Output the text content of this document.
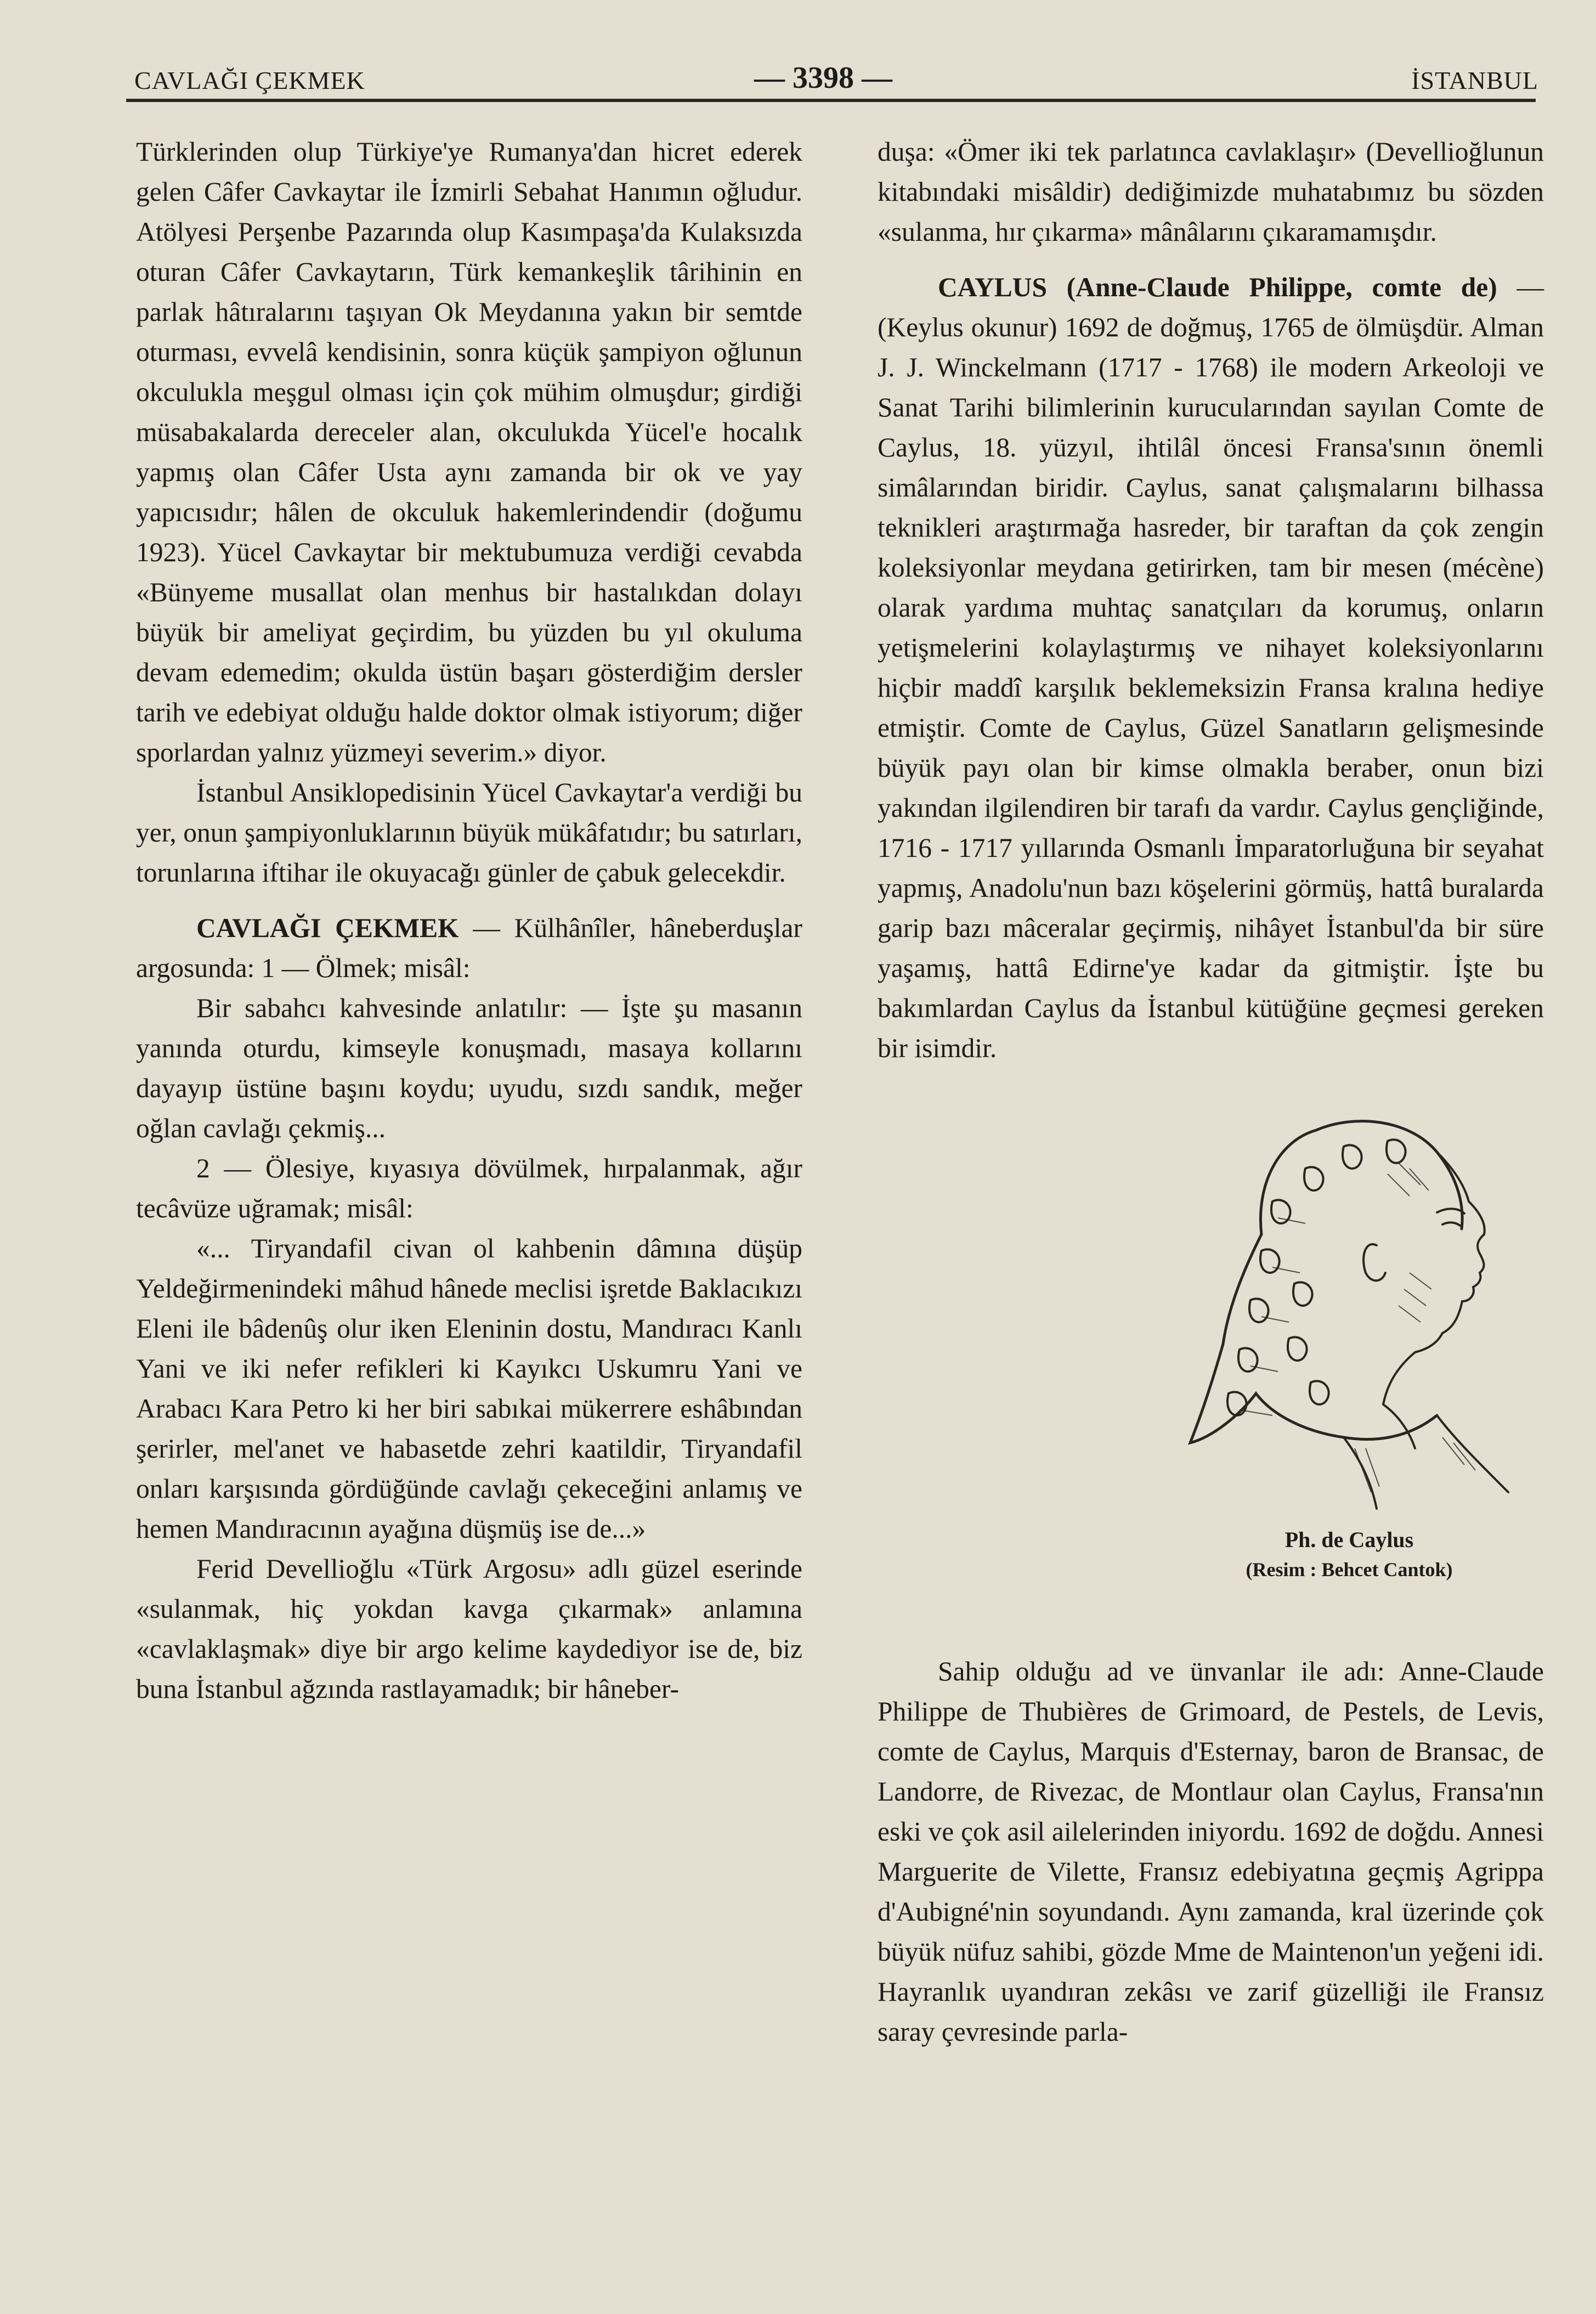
CAVLAĞI ÇEKMEK	— 3398 —	İSTANBUL

Türklerinden olup Türkiye'ye Rumanya'dan hicret ederek gelen Câfer Cavkaytar ile İzmirli Sebahat Hanımın oğludur. Atölyesi Perşenbe Pazarında olup Kasımpaşa'da Kulaksızda oturan Câfer Cavkaytarın, Türk kemankeşlik târihinin en parlak hâtıralarını taşıyan Ok Meydanına yakın bir semtde oturması, evvelâ kendisinin, sonra küçük şampiyon oğlunun okculukla meşgul olması için çok mühim olmuşdur; girdiği müsabakalarda dereceler alan, okculukda Yücel'e hocalık yapmış olan Câfer Usta aynı zamanda bir ok ve yay yapıcısıdır; hâlen de okculuk hakemlerindendir (doğumu 1923). Yücel Cavkaytar bir mektubumuza verdiği cevabda «Bünyeme musallat olan menhus bir hastalıkdan dolayı büyük bir ameliyat geçirdim, bu yüzden bu yıl okuluma devam edemedim; okulda üstün başarı gösterdiğim dersler tarih ve edebiyat olduğu halde doktor olmak istiyorum; diğer sporlardan yalnız yüzmeyi severim.» diyor.

İstanbul Ansiklopedisinin Yücel Cavkaytar'a verdiği bu yer, onun şampiyonluklarının büyük mükâfatıdır; bu satırları, torunlarına iftihar ile okuyacağı günler de çabuk gelecekdir.

CAVLAĞI ÇEKMEK — Külhânîler, hâneberduşlar argosunda: 1 — Ölmek; misâl:

Bir sabahcı kahvesinde anlatılır: — İşte şu masanın yanında oturdu, kimseyle konuşmadı, masaya kollarını dayayıp üstüne başını koydu; uyudu, sızdı sandık, meğer oğlan cavlağı çekmiş...

2 — Ölesiye, kıyasıya dövülmek, hırpalanmak, ağır tecâvüze uğramak; misâl:

«... Tiryandafil civan ol kahbenin dâmına düşüp Yeldeğirmenindeki mâhud hânede meclisi işretde Baklacıkızı Eleni ile bâdenûş olur iken Eleninin dostu, Mandıracı Kanlı Yani ve iki nefer refikleri ki Kayıkcı Uskumru Yani ve Arabacı Kara Petro ki her biri sabıkai mükerrere eshâbından şerirler, mel'anet ve habasetde zehri kaatildir, Tiryandafil onları karşısında gördüğünde cavlağı çekeceğini anlamış ve hemen Mandıracının ayağına düşmüş ise de...»

Ferid Devellioğlu «Türk Argosu» adlı güzel eserinde «sulanmak, hiç yokdan kavga çıkarmak» anlamına «cavlaklaşmak» diye bir argo kelime kaydediyor ise de, biz buna İstanbul ağzında rastlayamadık; bir hâneber-

duşa: «Ömer iki tek parlatınca cavlaklaşır» (Devellioğlunun kitabındaki misâldir) dediğimizde muhatabımız bu sözden «sulanma, hır çıkarma» mânâlarını çıkaramamışdır.

CAYLUS (Anne-Claude Philippe, comte de) — (Keylus okunur) 1692 de doğmuş, 1765 de ölmüşdür. Alman J. J. Winckelmann (1717 - 1768) ile modern Arkeoloji ve Sanat Tarihi bilimlerinin kurucularından sayılan Comte de Caylus, 18. yüzyıl, ihtilâl öncesi Fransa'sının önemli simâlarından biridir. Caylus, sanat çalışmalarını bilhassa teknikleri araştırmağa hasreder, bir taraftan da çok zengin koleksiyonlar meydana getirirken, tam bir mesen (mécène) olarak yardıma muhtaç sanatçıları da korumuş, onların yetişmelerini kolaylaştırmış ve nihayet koleksiyonlarını hiçbir maddî karşılık beklemeksizin Fransa kralına hediye etmiştir. Comte de Caylus, Güzel Sanatların gelişmesinde büyük payı olan bir kimse olmakla beraber, onun bizi yakından ilgilendiren bir tarafı da vardır. Caylus gençliğinde, 1716 - 1717 yıllarında Osmanlı İmparatorluğuna bir seyahat yapmış, Anadolu'nun bazı köşelerini görmüş, hattâ buralarda garip bazı mâceralar geçirmiş, nihâyet İstanbul'da bir süre yaşamış, hattâ Edirne'ye kadar da gitmiştir. İşte bu bakımlardan Caylus da İstanbul kütüğüne geçmesi gereken bir isimdir.

Ph. de Caylus
(Resim : Behcet Cantok)

Sahip olduğu ad ve ünvanlar ile adı: Anne-Claude Philippe de Thubières de Grimoard, de Pestels, de Levis, comte de Caylus, Marquis d'Esternay, baron de Bransac, de Landorre, de Rivezac, de Montlaur olan Caylus, Fransa'nın eski ve çok asil ailelerinden iniyordu. 1692 de doğdu. Annesi Marguerite de Vilette, Fransız edebiyatına geçmiş Agrippa d'Aubigné'nin soyundandı. Aynı zamanda, kral üzerinde çok büyük nüfuz sahibi, gözde Mme de Maintenon'un yeğeni idi. Hayranlık uyandıran zekâsı ve zarif güzelliği ile Fransız saray çevresinde parla-
